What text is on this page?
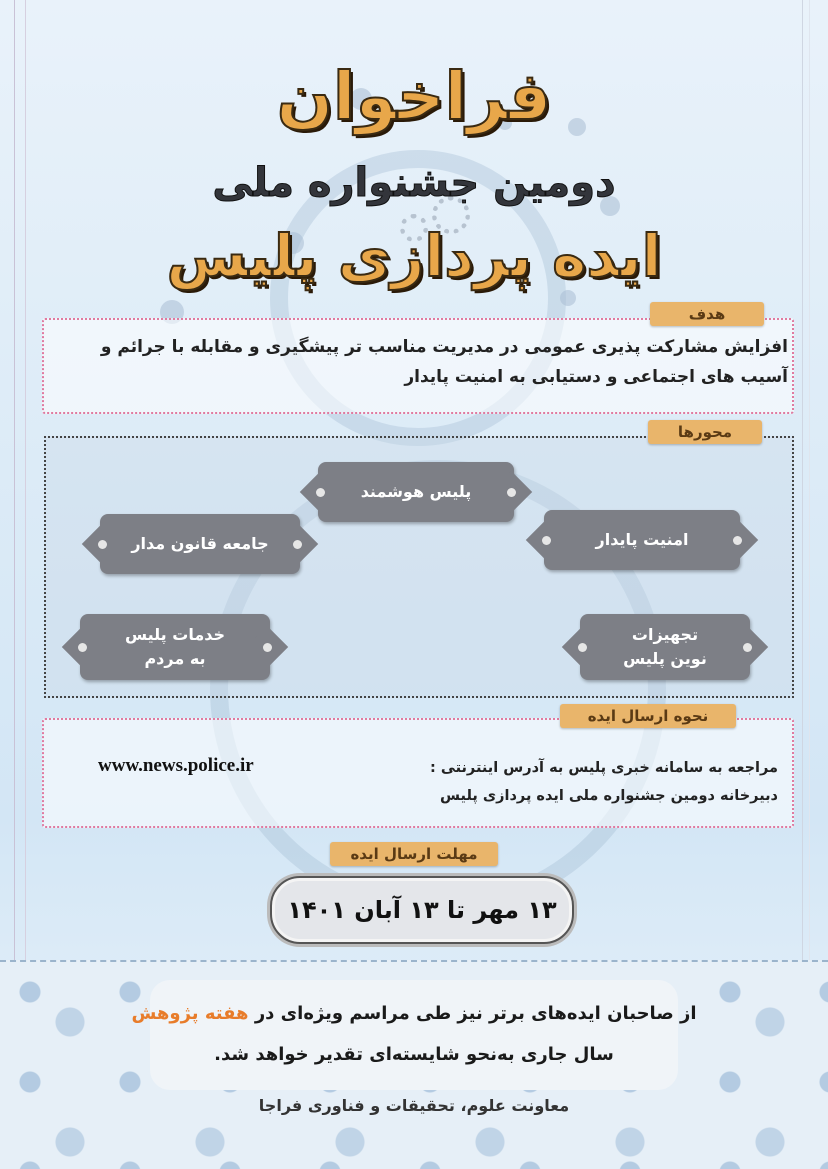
فراخوان
دومین جشنواره ملی
ایده پردازی پلیس
هدف
افزایش مشارکت پذیری عمومی در مدیریت مناسب تر پیشگیری و مقابله با جرائم و آسیب های اجتماعی و دستیابی به امنیت پایدار
محورها
پلیس هوشمند
جامعه قانون مدار	امنیت پایدار
خدمات پلیس به مردم
تجهیزات نوین پلیس
نحوه ارسال ایده
مراجعه به سامانه خبری پلیس به آدرس اینترنتی :
دبیرخانه دومین جشنواره ملی ایده پردازی پلیس
www.news.police.ir
مهلت ارسال ایده
۱۳ مهر تا ۱۳ آبان ۱۴۰۱
از صاحبان ایده‌های برتر نیز طی مراسم ویژه‌ای در هفته پژوهش
سال جاری به‌نحو شایسته‌ای تقدیر خواهد شد.
معاونت علوم، تحقیقات و فناوری فراجا
